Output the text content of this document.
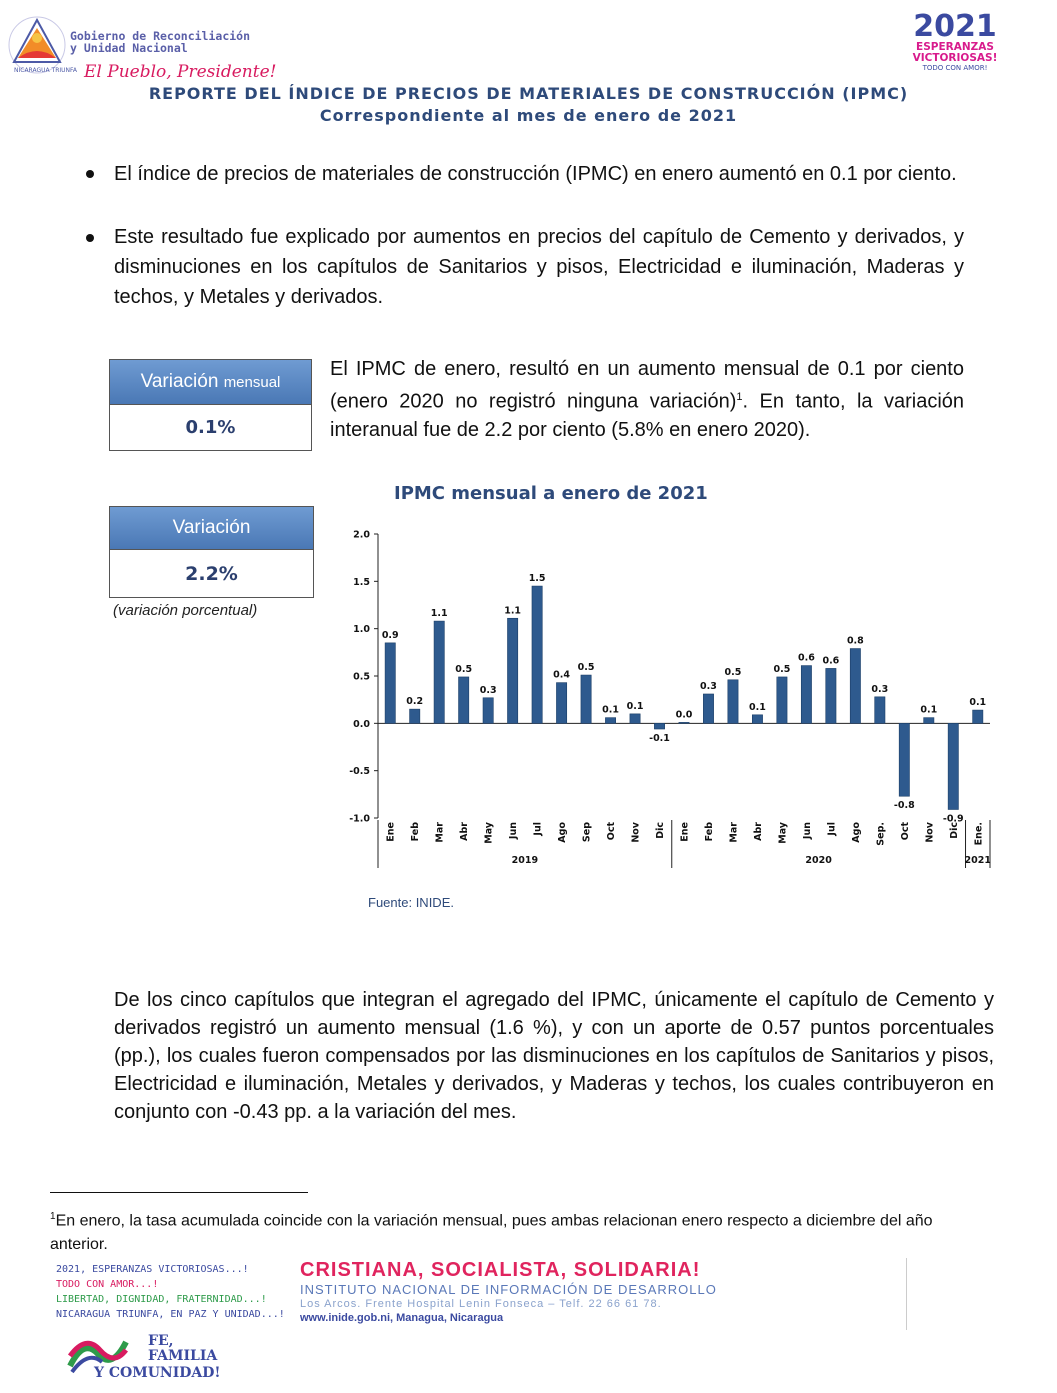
NICARAGUA TRIUNFA
Gobierno de Reconciliación
y Unidad Nacional
El Pueblo, Presidente!
2021
ESPERANZAS
VICTORIOSAS!
TODO CON AMOR!
REPORTE DEL ÍNDICE DE PRECIOS DE MATERIALES DE CONSTRUCCIÓN (IPMC)
Correspondiente al mes de enero de 2021
El índice de precios de materiales de construcción (IPMC) en enero aumentó en 0.1 por ciento.
Este resultado fue explicado por aumentos en precios del capítulo de Cemento y derivados, y disminuciones en los capítulos de Sanitarios y pisos, Electricidad e iluminación, Maderas y techos, y Metales y derivados.
Variación
mensual
0.1%
El IPMC de enero, resultó en un aumento mensual de 0.1 por ciento (enero 2020 no registró ninguna variación)$^1$. En tanto, la variación interanual fue de 2.2 por ciento (5.8% en enero 2020).
Variación
2.2%
(variación porcentual)
IPMC mensual a enero de 2021
2.0
1.5
1.0
0.5
0.0
-0.5
-1.0
0.9
0.2
1.1
0.5
0.3
1.1
1.5
0.4
0.5
0.1 0.1
-0.1
0.0
0.3
0.5
0.1
0.5
0.6 0.6
0.8
0.3
-0.8
0.1
-0.9
0.1
Ene Feb Mar Abr May Jun Jul Ago Sep Oct Nov Dic Ene Feb Mar Abr May Jun Jul Ago Sep. Oct Nov Dic Ene.
2019	2020	2021
Fuente: INIDE.
De los cinco capítulos que integran el agregado del IPMC, únicamente el capítulo de Cemento y derivados registró un aumento mensual (1.6 %), y con un aporte de 0.57 puntos porcentuales (pp.), los cuales fueron compensados por las disminuciones en los capítulos de Sanitarios y pisos, Electricidad e iluminación, Metales y derivados, y Maderas y techos, los cuales contribuyeron en conjunto con -0.43 pp. a la variación del mes.
$^1$En enero, la tasa acumulada coincide con la variación mensual, pues ambas relacionan enero respecto a diciembre del año anterior.
2021, ESPERANZAS VICTORIOSAS...!
TODO CON AMOR...!
LIBERTAD, DIGNIDAD, FRATERNIDAD...!
NICARAGUA TRIUNFA, EN PAZ Y UNIDAD...!
CRISTIANA, SOCIALISTA, SOLIDARIA!
INSTITUTO NACIONAL DE INFORMACIÓN DE DESARROLLO
Los Arcos. Frente Hospital Lenin Fonseca – Telf. 22 66 61 78.
www.inide.gob.ni, Managua, Nicaragua
FE,
FAMILIA
Y COMUNIDAD!
